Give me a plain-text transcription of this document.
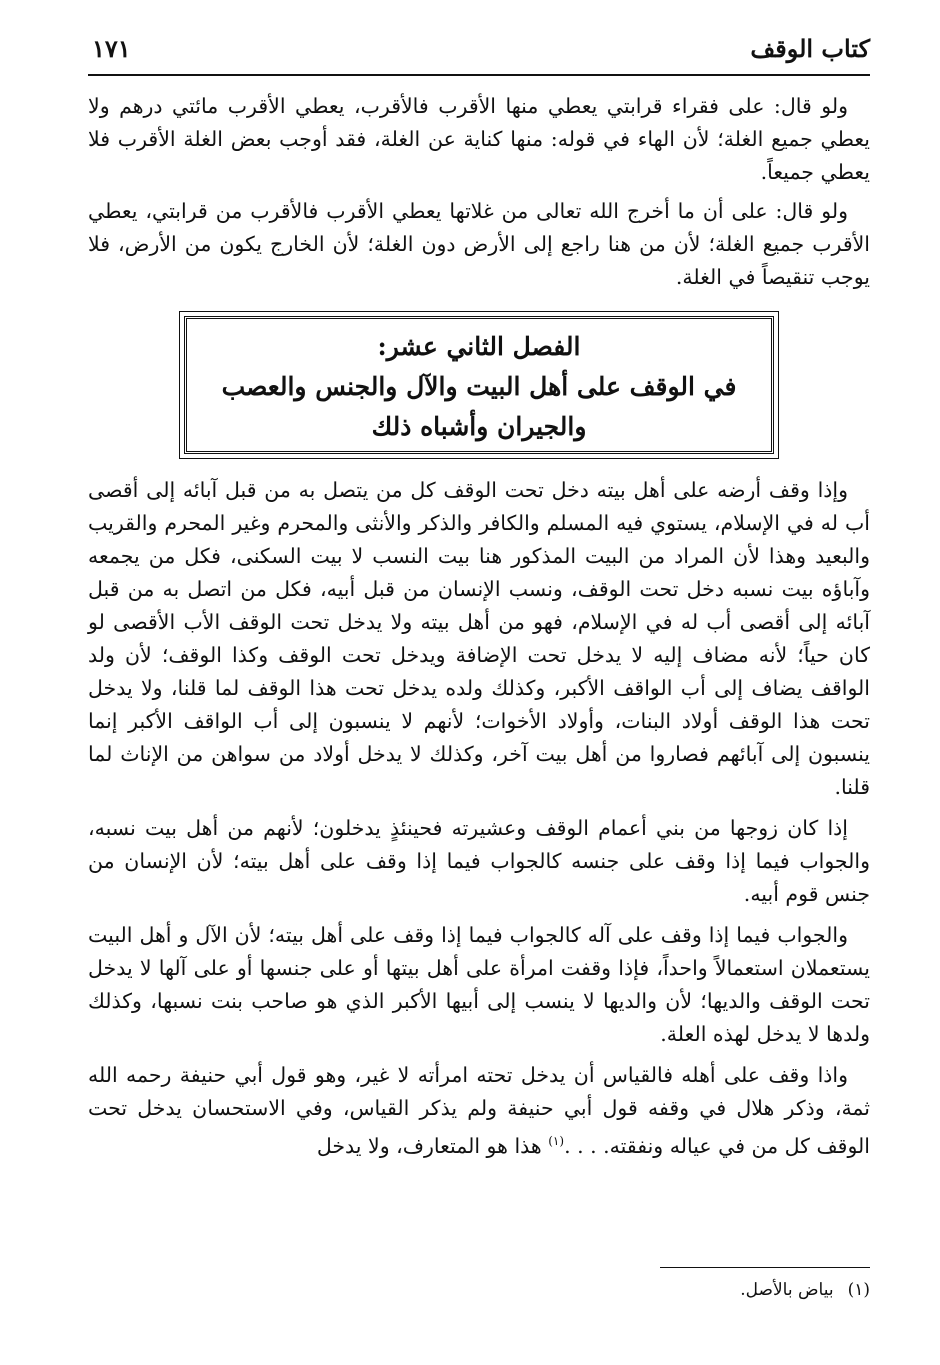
كتاب الوقف
١٧١

ولو قال: على فقراء قرابتي يعطي منها الأقرب فالأقرب، يعطي الأقرب مائتي درهم ولا يعطي جميع الغلة؛ لأن الهاء في قوله: منها كناية عن الغلة، فقد أوجب بعض الغلة الأقرب فلا يعطي جميعاً.

ولو قال: على أن ما أخرج الله تعالى من غلاتها يعطي الأقرب فالأقرب من قرابتي، يعطي الأقرب جميع الغلة؛ لأن من هنا راجع إلى الأرض دون الغلة؛ لأن الخارج يكون من الأرض، فلا يوجب تنقيصاً في الغلة.

الفصل الثاني عشر:
في الوقف على أهل البيت والآل والجنس والعصب
والجيران وأشباه ذلك

وإذا وقف أرضه على أهل بيته دخل تحت الوقف كل من يتصل به من قبل آبائه إلى أقصى أب له في الإسلام، يستوي فيه المسلم والكافر والذكر والأنثى والمحرم وغير المحرم والقريب والبعيد وهذا لأن المراد من البيت المذكور هنا بيت النسب لا بيت السكنى، فكل من يجمعه وآباؤه بيت نسبه دخل تحت الوقف، ونسب الإنسان من قبل أبيه، فكل من اتصل به من قبل آبائه إلى أقصى أب له في الإسلام، فهو من أهل بيته ولا يدخل تحت الوقف الأب الأقصى لو كان حياً؛ لأنه مضاف إليه لا يدخل تحت الإضافة ويدخل تحت الوقف وكذا الوقف؛ لأن ولد الواقف يضاف إلى أب الواقف الأكبر، وكذلك ولده يدخل تحت هذا الوقف لما قلنا، ولا يدخل تحت هذا الوقف أولاد البنات، وأولاد الأخوات؛ لأنهم لا ينسبون إلى أب الواقف الأكبر إنما ينسبون إلى آبائهم فصاروا من أهل بيت آخر، وكذلك لا يدخل أولاد من سواهن من الإناث لما قلنا.

إذا كان زوجها من بني أعمام الوقف وعشيرته فحينئذٍ يدخلون؛ لأنهم من أهل بيت نسبه، والجواب فيما إذا وقف على جنسه كالجواب فيما إذا وقف على أهل بيته؛ لأن الإنسان من جنس قوم أبيه.

والجواب فيما إذا وقف على آله كالجواب فيما إذا وقف على أهل بيته؛ لأن الآل و أهل البيت يستعملان استعمالاً واحداً، فإذا وقفت امرأة على أهل بيتها أو على جنسها أو على آلها لا يدخل تحت الوقف والديها؛ لأن والديها لا ينسب إلى أبيها الأكبر الذي هو صاحب بنت نسبها، وكذلك ولدها لا يدخل لهذه العلة.

واذا وقف على أهله فالقياس أن يدخل تحته امرأته لا غير، وهو قول أبي حنيفة رحمه الله ثمة، وذكر هلال في وقفه قول أبي حنيفة ولم يذكر القياس، وفي الاستحسان يدخل تحت الوقف كل من في عياله ونفقته. . . .$^{(١)}$ هذا هو المتعارف، ولا يدخل

(١)بياض بالأصل.
